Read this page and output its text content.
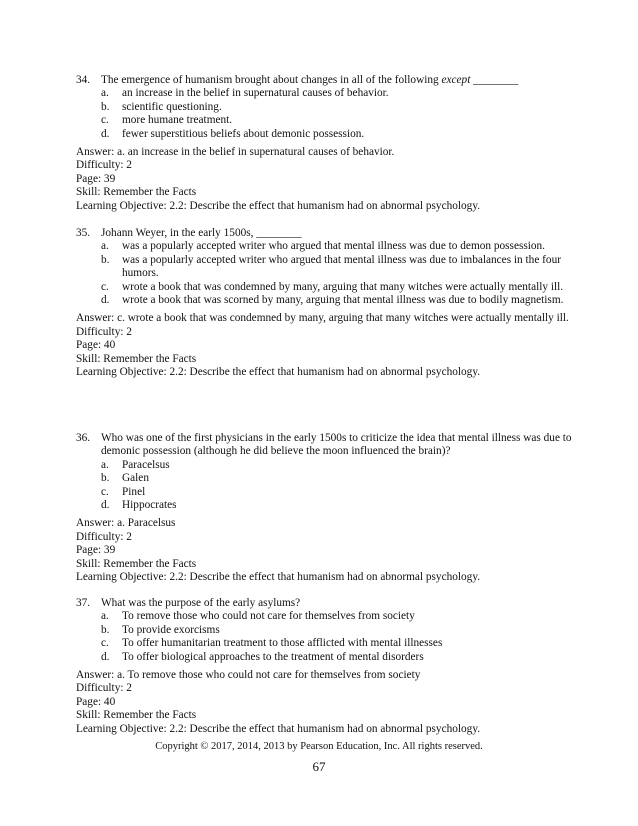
34. The emergence of humanism brought about changes in all of the following except ________
a.	an increase in the belief in supernatural causes of behavior.
b.	scientific questioning.
c.	more humane treatment.
d.	fewer superstitious beliefs about demonic possession.
Answer: a. an increase in the belief in supernatural causes of behavior.
Difficulty: 2
Page: 39
Skill: Remember the Facts
Learning Objective: 2.2: Describe the effect that humanism had on abnormal psychology.
35. Johann Weyer, in the early 1500s, ________
a.	was a popularly accepted writer who argued that mental illness was due to demon possession.
b.	was a popularly accepted writer who argued that mental illness was due to imbalances in the four humors.
c.	wrote a book that was condemned by many, arguing that many witches were actually mentally ill.
d.	wrote a book that was scorned by many, arguing that mental illness was due to bodily magnetism.
Answer: c. wrote a book that was condemned by many, arguing that many witches were actually mentally ill.
Difficulty: 2
Page: 40
Skill: Remember the Facts
Learning Objective: 2.2: Describe the effect that humanism had on abnormal psychology.
36. Who was one of the first physicians in the early 1500s to criticize the idea that mental illness was due to demonic possession (although he did believe the moon influenced the brain)?
a.	Paracelsus
b.	Galen
c.	Pinel
d.	Hippocrates
Answer: a. Paracelsus
Difficulty: 2
Page: 39
Skill: Remember the Facts
Learning Objective: 2.2: Describe the effect that humanism had on abnormal psychology.
37. What was the purpose of the early asylums?
a.	To remove those who could not care for themselves from society
b.	To provide exorcisms
c.	To offer humanitarian treatment to those afflicted with mental illnesses
d.	To offer biological approaches to the treatment of mental disorders
Answer: a. To remove those who could not care for themselves from society
Difficulty: 2
Page: 40
Skill: Remember the Facts
Learning Objective: 2.2: Describe the effect that humanism had on abnormal psychology.
Copyright © 2017, 2014, 2013 by Pearson Education, Inc. All rights reserved.
67
